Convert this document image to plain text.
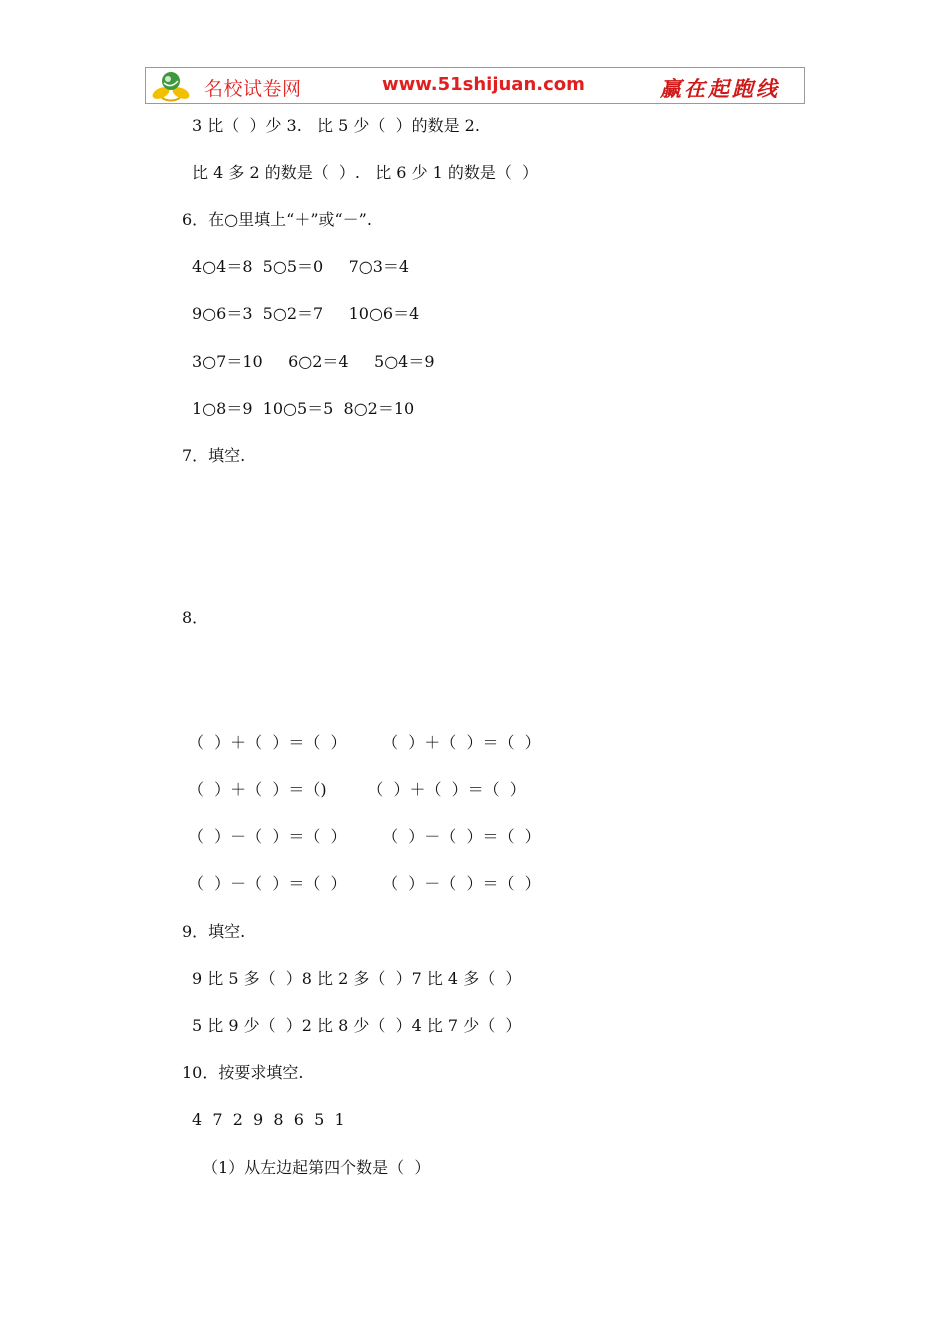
名校试卷网	www.51shijuan.com	赢在起跑线
3 比（  ）少 3.   比 5 少（  ）的数是 2.
比 4 多 2 的数是（  ）.   比 6 少 1 的数是（  ）
6．在○里填上“＋”或“－”.
4○4＝8  5○5＝0     7○3＝4
9○6＝3  5○2＝7     10○6＝4
3○7＝10     6○2＝4     5○4＝9
1○8＝9  10○5＝5  8○2＝10
7．填空.
8．
（  ）＋（  ）＝（  ）       （  ）＋（  ）＝（  ）
（  ）＋（  ）＝（)        （  ）＋（  ）＝（  ）
（  ）－（  ）＝（  ）       （  ）－（  ）＝（  ）
（  ）－（  ）＝（  ）       （  ）－（  ）＝（  ）
9．填空.
9 比 5 多（  ）8 比 2 多（  ）7 比 4 多（  ）
5 比 9 少（  ）2 比 8 少（  ）4 比 7 少（  ）
10．按要求填空.
4  7  2  9  8  6  5  1
（1）从左边起第四个数是（  ）
